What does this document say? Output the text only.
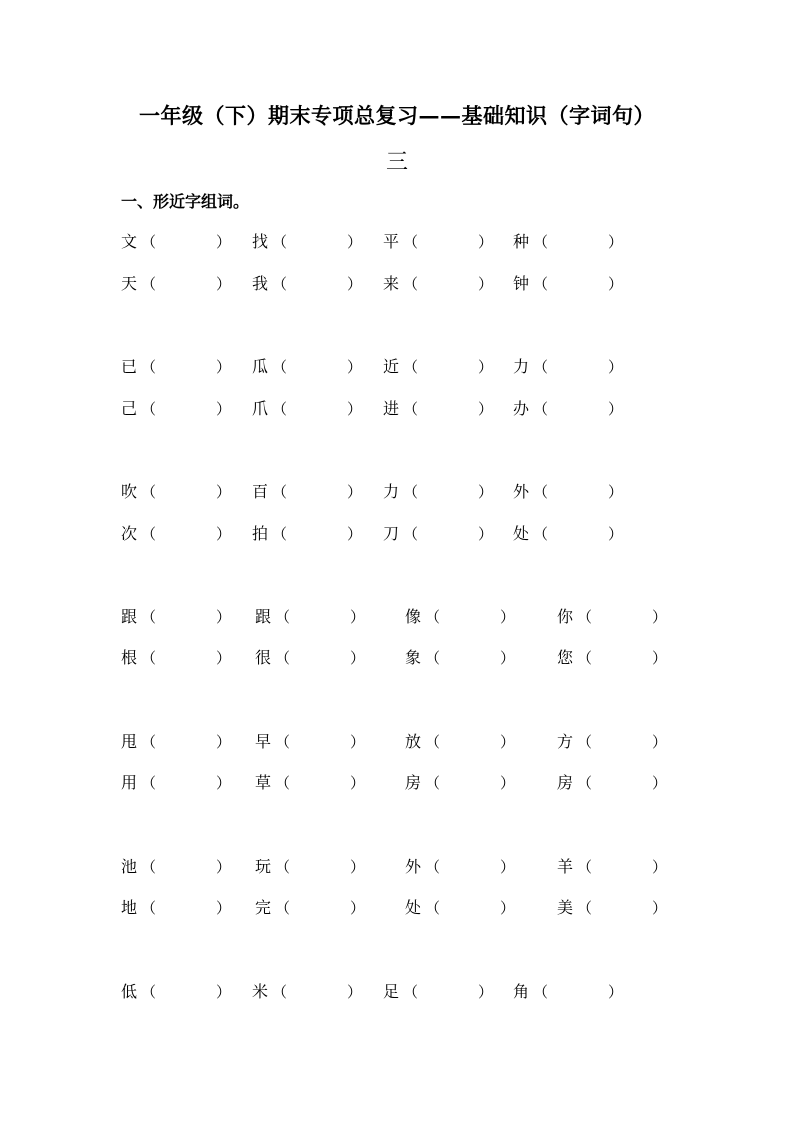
一年级（下）期末专项总复习——基础知识（字词句）
三
一、形近字组词。
文 （	） 找 （	） 平 （	） 种 （	）
天 （	） 我 （	） 来 （	） 钟 （	）
已 （	） 瓜 （	） 近 （	） 力 （	）
己 （	） 爪 （	） 进 （	） 办 （	）
吹 （	） 百 （	） 力 （	） 外 （	）
次 （	） 拍 （	） 刀 （	） 处 （	）
跟 （	） 跟 （	） 像 （	）	你 （	）
根 （	） 很 （	） 象 （	）	您 （	）
甩 （	） 早 （	） 放 （	）	方 （	）
用 （	） 草 （	） 房 （	）	房 （	）
池 （	） 玩 （	） 外 （	）	羊 （	）
地 （	） 完 （	） 处 （	）	美 （	）
低 （	） 米 （	） 足 （	） 角 （	）
